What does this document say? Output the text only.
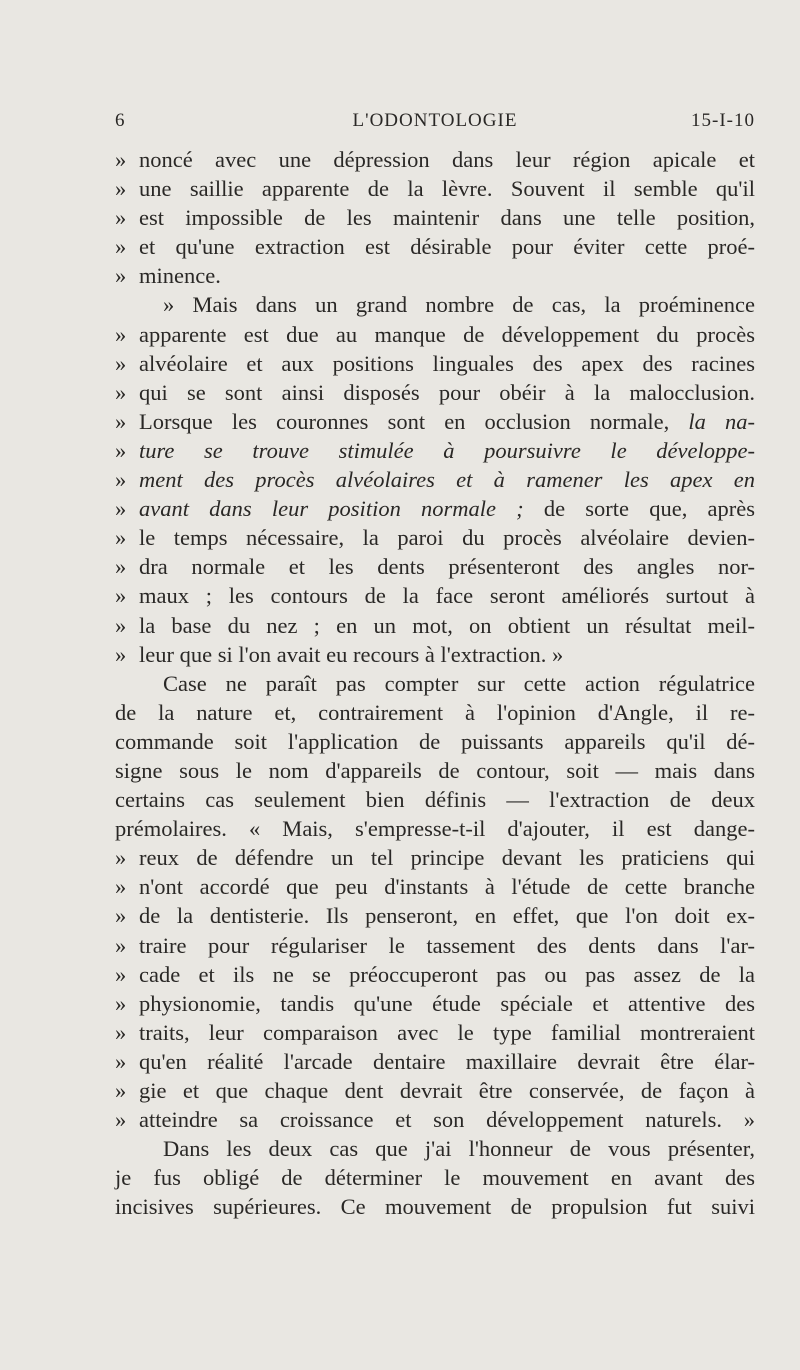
6	L'ODONTOLOGIE	15-I-10
» noncé avec une dépression dans leur région apicale et
» une saillie apparente de la lèvre. Souvent il semble qu'il
» est impossible de les maintenir dans une telle position,
» et qu'une extraction est désirable pour éviter cette proé-
» minence.
» Mais dans un grand nombre de cas, la proéminence
» apparente est due au manque de développement du procès
» alvéolaire et aux positions linguales des apex des racines
» qui se sont ainsi disposés pour obéir à la malocclusion.
» Lorsque les couronnes sont en occlusion normale, la na-
» ture se trouve stimulée à poursuivre le développe-
» ment des procès alvéolaires et à ramener les apex en
» avant dans leur position normale ; de sorte que, après
» le temps nécessaire, la paroi du procès alvéolaire devien-
» dra normale et les dents présenteront des angles nor-
» maux ; les contours de la face seront améliorés surtout à
» la base du nez ; en un mot, on obtient un résultat meil-
» leur que si l'on avait eu recours à l'extraction. »
Case ne paraît pas compter sur cette action régulatrice
de la nature et, contrairement à l'opinion d'Angle, il re-
commande soit l'application de puissants appareils qu'il dé-
signe sous le nom d'appareils de contour, soit — mais dans
certains cas seulement bien définis — l'extraction de deux
prémolaires. « Mais, s'empresse-t-il d'ajouter, il est dange-
» reux de défendre un tel principe devant les praticiens qui
» n'ont accordé que peu d'instants à l'étude de cette branche
» de la dentisterie. Ils penseront, en effet, que l'on doit ex-
» traire pour régulariser le tassement des dents dans l'ar-
» cade et ils ne se préoccuperont pas ou pas assez de la
» physionomie, tandis qu'une étude spéciale et attentive des
» traits, leur comparaison avec le type familial montreraient
» qu'en réalité l'arcade dentaire maxillaire devrait être élar-
» gie et que chaque dent devrait être conservée, de façon à
» atteindre sa croissance et son développement naturels. »
Dans les deux cas que j'ai l'honneur de vous présenter,
je fus obligé de déterminer le mouvement en avant des
incisives supérieures. Ce mouvement de propulsion fut suivi
